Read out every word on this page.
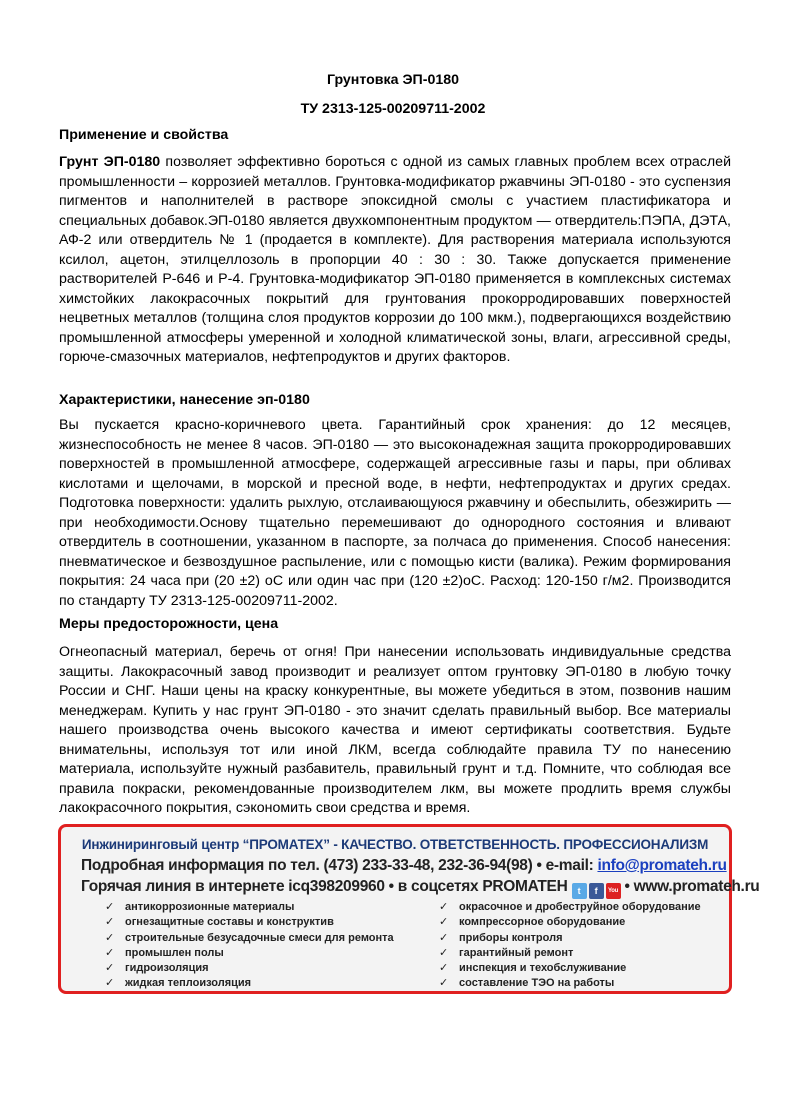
Грунтовка ЭП-0180
ТУ 2313-125-00209711-2002
Применение и свойства
Грунт ЭП-0180 позволяет эффективно бороться с одной из самых главных проблем всех отраслей промышленности – коррозией металлов. Грунтовка-модификатор ржавчины ЭП-0180 - это суспензия пигментов и наполнителей в растворе эпоксидной смолы с участием пластификатора и специальных добавок.ЭП-0180 является двухкомпонентным продуктом — отвердитель:ПЭПА, ДЭТА, АФ-2 или отвердитель № 1 (продается в комплекте). Для растворения материала используются ксилол, ацетон, этилцеллозоль в пропорции 40 : 30 : 30. Также допускается применение растворителей Р-646 и Р-4. Грунтовка-модификатор ЭП-0180 применяется в комплексных системах химстойких лакокрасочных покрытий для грунтования прокорродировавших поверхностей нецветных металлов (толщина слоя продуктов коррозии до 100 мкм.), подвергающихся воздействию промышленной атмосферы умеренной и холодной климатической зоны, влаги, агрессивной среды, горюче-смазочных материалов, нефтепродуктов и других факторов.
Характеристики, нанесение эп-0180
Вы пускается красно-коричневого цвета. Гарантийный срок хранения: до 12 месяцев, жизнеспособность не менее 8 часов. ЭП-0180 — это высоконадежная защита прокорродировавших поверхностей в промышленной атмосфере, содержащей агрессивные газы и пары, при обливах кислотами и щелочами, в морской и пресной воде, в нефти, нефтепродуктах и других средах. Подготовка поверхности: удалить рыхлую, отслаивающуюся ржавчину и обеспылить, обезжирить — при необходимости.Основу тщательно перемешивают до однородного состояния и вливают отвердитель в соотношении, указанном в паспорте, за полчаса до применения. Способ нанесения: пневматическое и безвоздушное распыление, или с помощью кисти (валика). Режим формирования покрытия: 24 часа при (20 ±2) оС или один час при (120 ±2)оС. Расход: 120-150 г/м2. Производится по стандарту ТУ 2313-125-00209711-2002.
Меры предосторожности, цена
Огнеопасный материал, беречь от огня! При нанесении использовать индивидуальные средства защиты. Лакокрасочный завод производит и реализует оптом грунтовку ЭП-0180 в любую точку России и СНГ. Наши цены на краску конкурентные, вы можете убедиться в этом, позвонив нашим менеджерам. Купить у нас грунт ЭП-0180 - это значит сделать правильный выбор. Все материалы нашего производства очень высокого качества и имеют сертификаты соответствия. Будьте внимательны, используя тот или иной ЛКМ, всегда соблюдайте правила ТУ по нанесению материала, используйте нужный разбавитель, правильный грунт и т.д. Помните, что соблюдая все правила покраски, рекомендованные производителем лкм, вы можете продлить время службы лакокрасочного покрытия, сэкономить свои средства и время.
Инжиниринговый центр “ПРОМАТЕХ” - КАЧЕСТВО. ОТВЕТСТВЕННОСТЬ. ПРОФЕССИОНАЛИЗМ
Подробная информация по тел. (473) 233-33-48, 232-36-94(98) • e-mail: info@promateh.ru
Горячая линия в интернете icq398209960 • в соцсетях PROMATEH t	f	You • www.promateh.ru
✓ антикоррозионные материалы
✓ огнезащитные составы и конструктив
✓ строительные безусадочные смеси для ремонта
✓ промышлен полы
✓ гидроизоляция
✓ жидкая теплоизоляция
✓ окрасочное и дробеструйное оборудование
✓ компрессорное оборудование
✓ приборы контроля
✓ гарантийный ремонт
✓ инспекция и техобслуживание
✓ составление ТЭО на работы
